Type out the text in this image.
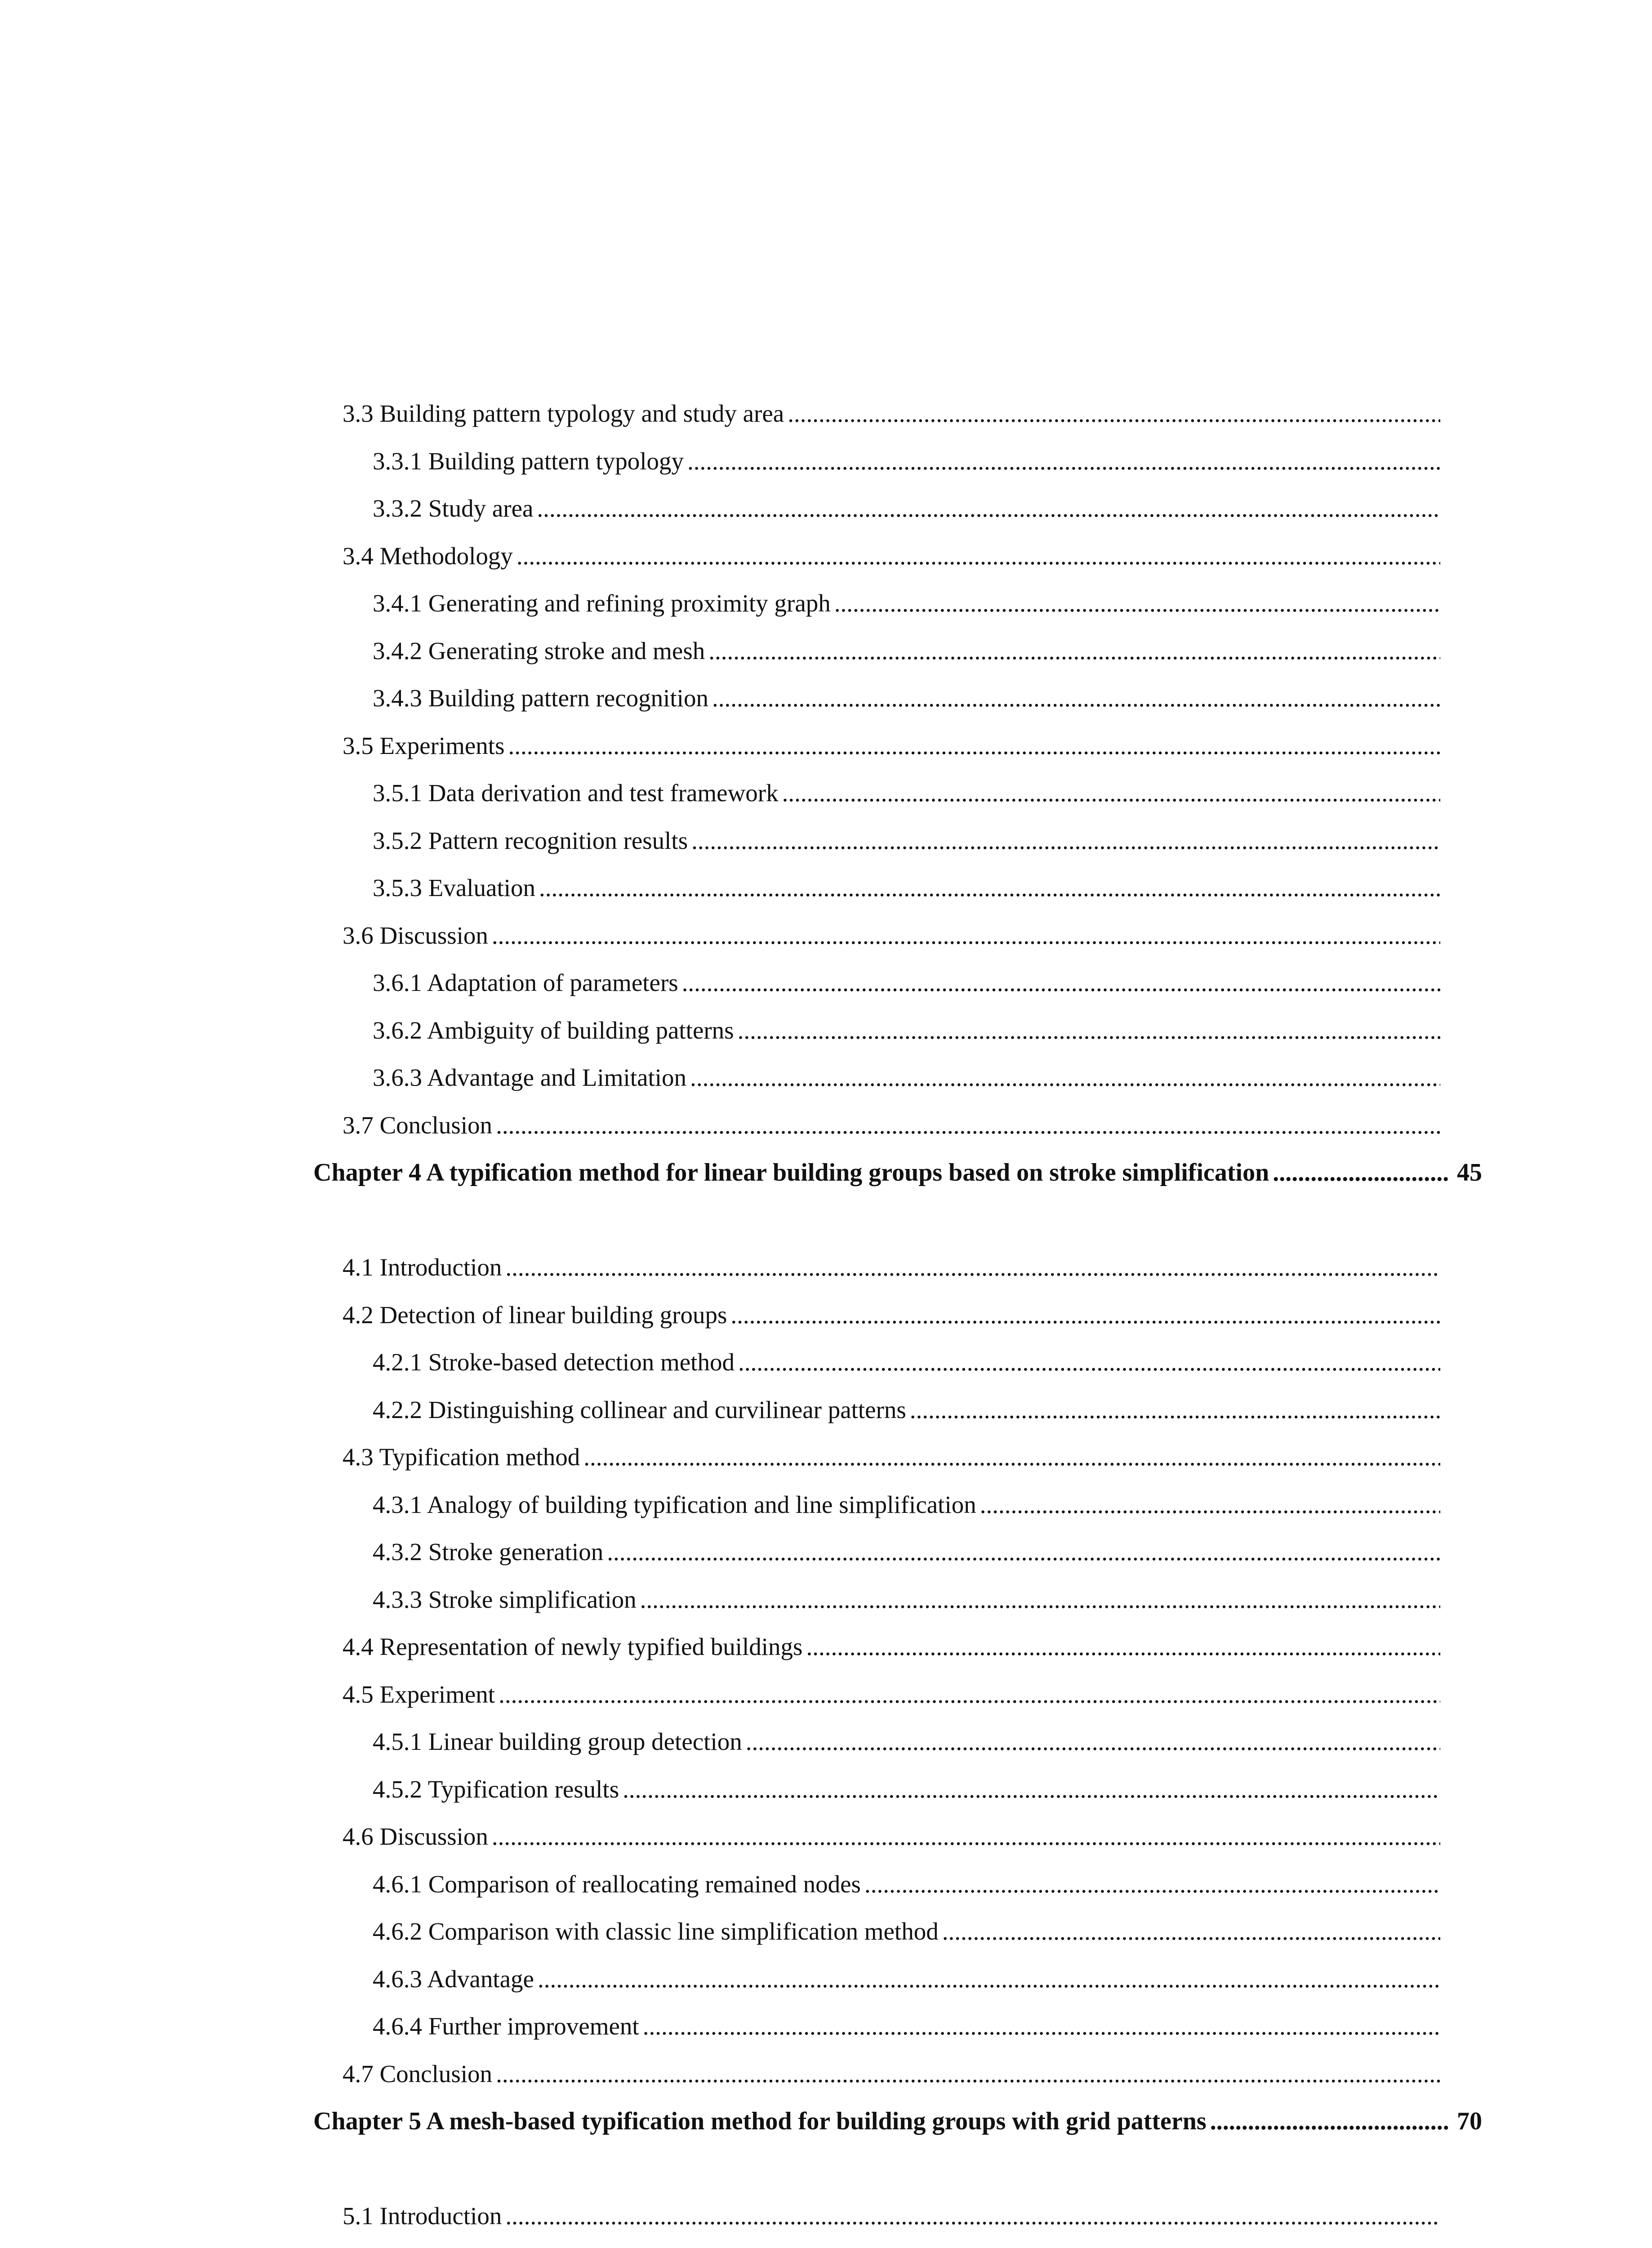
3.3 Building pattern typology and study area
.....
3.3.1 Building pattern typology
.....
3.3.2 Study area
.....
3.4 Methodology
.....
3.4.1 Generating and refining proximity graph
.....
3.4.2 Generating stroke and mesh
.....
3.4.3 Building pattern recognition
.....
3.5 Experiments
.....
3.5.1 Data derivation and test framework
.....
3.5.2 Pattern recognition results
.....
3.5.3 Evaluation
.....
3.6 Discussion
.....
3.6.1 Adaptation of parameters
.....
3.6.2 Ambiguity of building patterns
.....
3.6.3 Advantage and Limitation
.....
3.7 Conclusion
.....
Chapter 4 A typification method for linear building groups based on stroke simplification .....	45
4.1 Introduction
.....
4.2 Detection of linear building groups
.....
4.2.1 Stroke-based detection method
.....
4.2.2 Distinguishing collinear and curvilinear patterns
.....
4.3 Typification method
.....
4.3.1 Analogy of building typification and line simplification
.....
4.3.2 Stroke generation
.....
4.3.3 Stroke simplification
.....
4.4 Representation of newly typified buildings
.....
4.5 Experiment
.....
4.5.1 Linear building group detection
.....
4.5.2 Typification results
.....
4.6 Discussion
.....
4.6.1 Comparison of reallocating remained nodes
.....
4.6.2 Comparison with classic line simplification method
.....
4.6.3 Advantage
.....
4.6.4 Further improvement
.....
4.7 Conclusion
.....
Chapter 5 A mesh-based typification method for building groups with grid patterns .....	70
5.1 Introduction
.....
